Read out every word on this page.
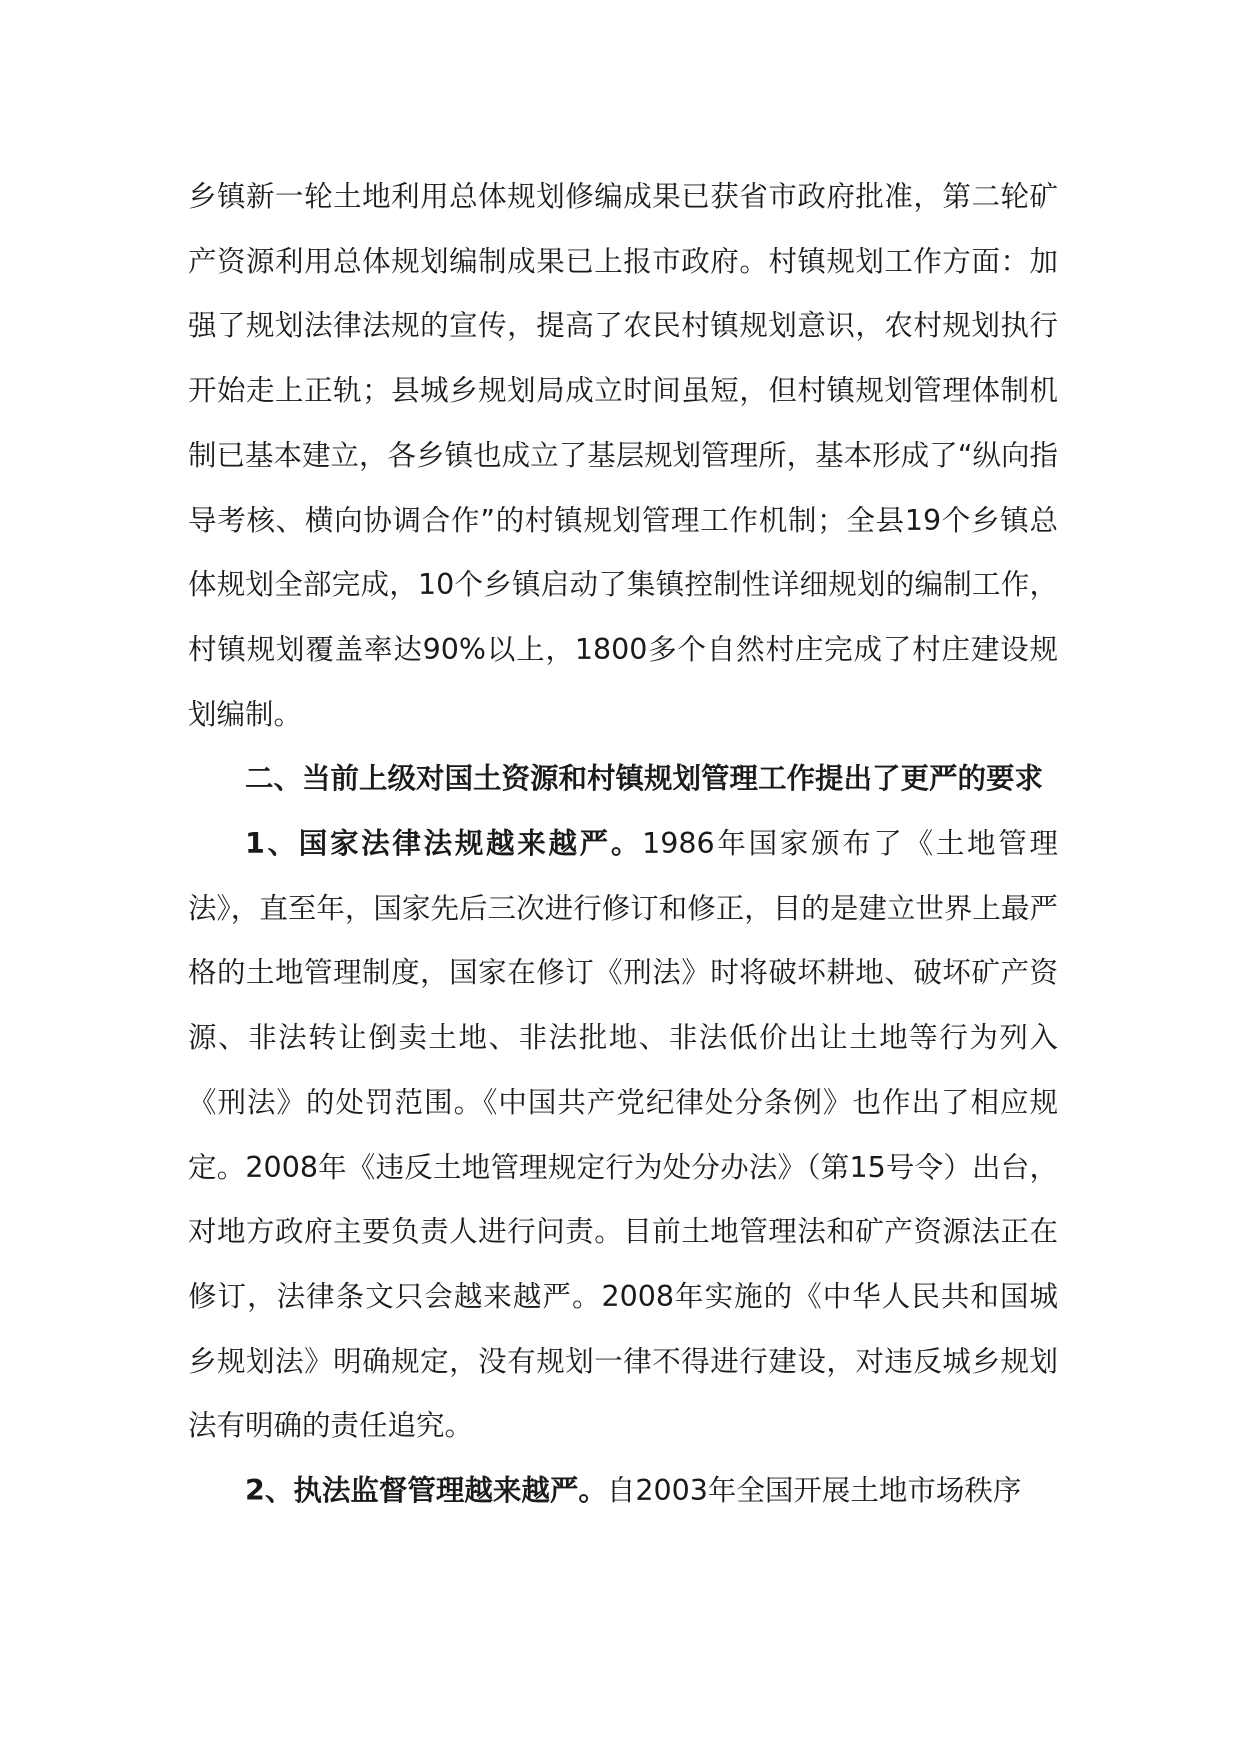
乡镇新一轮土地利用总体规划修编成果已获省市政府批准，第二轮矿产资源利用总体规划编制成果已上报市政府。村镇规划工作方面：加强了规划法律法规的宣传，提高了农民村镇规划意识，农村规划执行开始走上正轨；县城乡规划局成立时间虽短，但村镇规划管理体制机制已基本建立，各乡镇也成立了基层规划管理所，基本形成了“纵向指导考核、横向协调合作”的村镇规划管理工作机制；全县19个乡镇总体规划全部完成，10个乡镇启动了集镇控制性详细规划的编制工作，村镇规划覆盖率达90%以上，1800多个自然村庄完成了村庄建设规划编制。

二、当前上级对国土资源和村镇规划管理工作提出了更严的要求

1、国家法律法规越来越严。1986年国家颁布了《土地管理法》，直至年，国家先后三次进行修订和修正，目的是建立世界上最严格的土地管理制度，国家在修订《刑法》时将破坏耕地、破坏矿产资源、非法转让倒卖土地、非法批地、非法低价出让土地等行为列入《刑法》的处罚范围。《中国共产党纪律处分条例》也作出了相应规定。2008年《违反土地管理规定行为处分办法》（第15号令）出台，对地方政府主要负责人进行问责。目前土地管理法和矿产资源法正在修订，法律条文只会越来越严。2008年实施的《中华人民共和国城乡规划法》明确规定，没有规划一律不得进行建设，对违反城乡规划法有明确的责任追究。

2、执法监督管理越来越严。自2003年全国开展土地市场秩序
